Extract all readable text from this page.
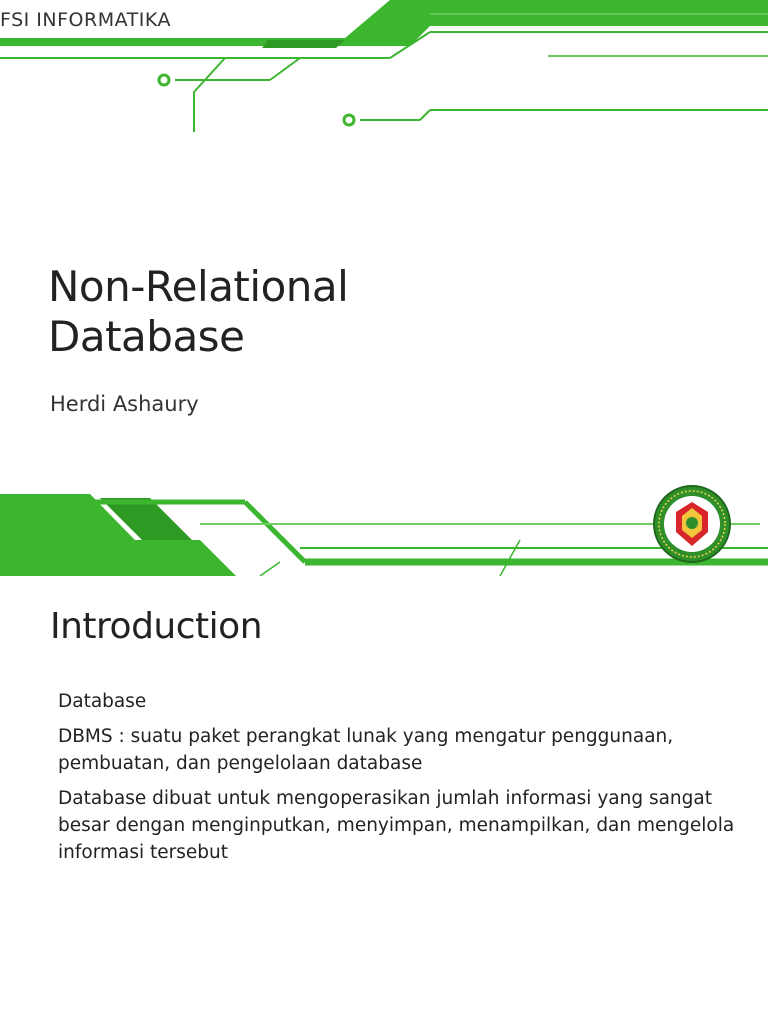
FSI INFORMATIKA
Non-Relational
Database
Herdi Ashaury
Introduction
Database
DBMS : suatu paket perangkat lunak yang mengatur penggunaan, pembuatan, dan pengelolaan database
Database dibuat untuk mengoperasikan jumlah informasi yang sangat besar dengan menginputkan, menyimpan, menampilkan, dan mengelola informasi tersebut
